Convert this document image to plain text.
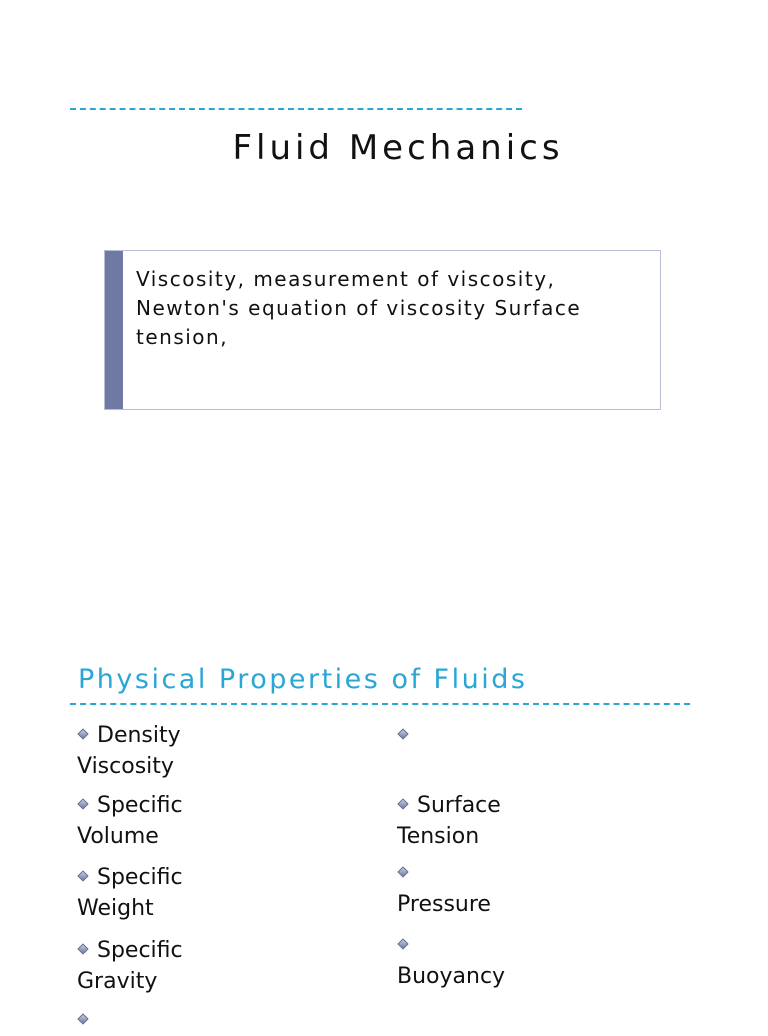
Fluid Mechanics
Viscosity, measurement of viscosity, Newton's equation of viscosity Surface tension,
Physical Properties of Fluids
Density
Viscosity
Specific
Volume
Specific
Weight
Specific
Gravity
Surface
Tension

Pressure

Buoyancy
